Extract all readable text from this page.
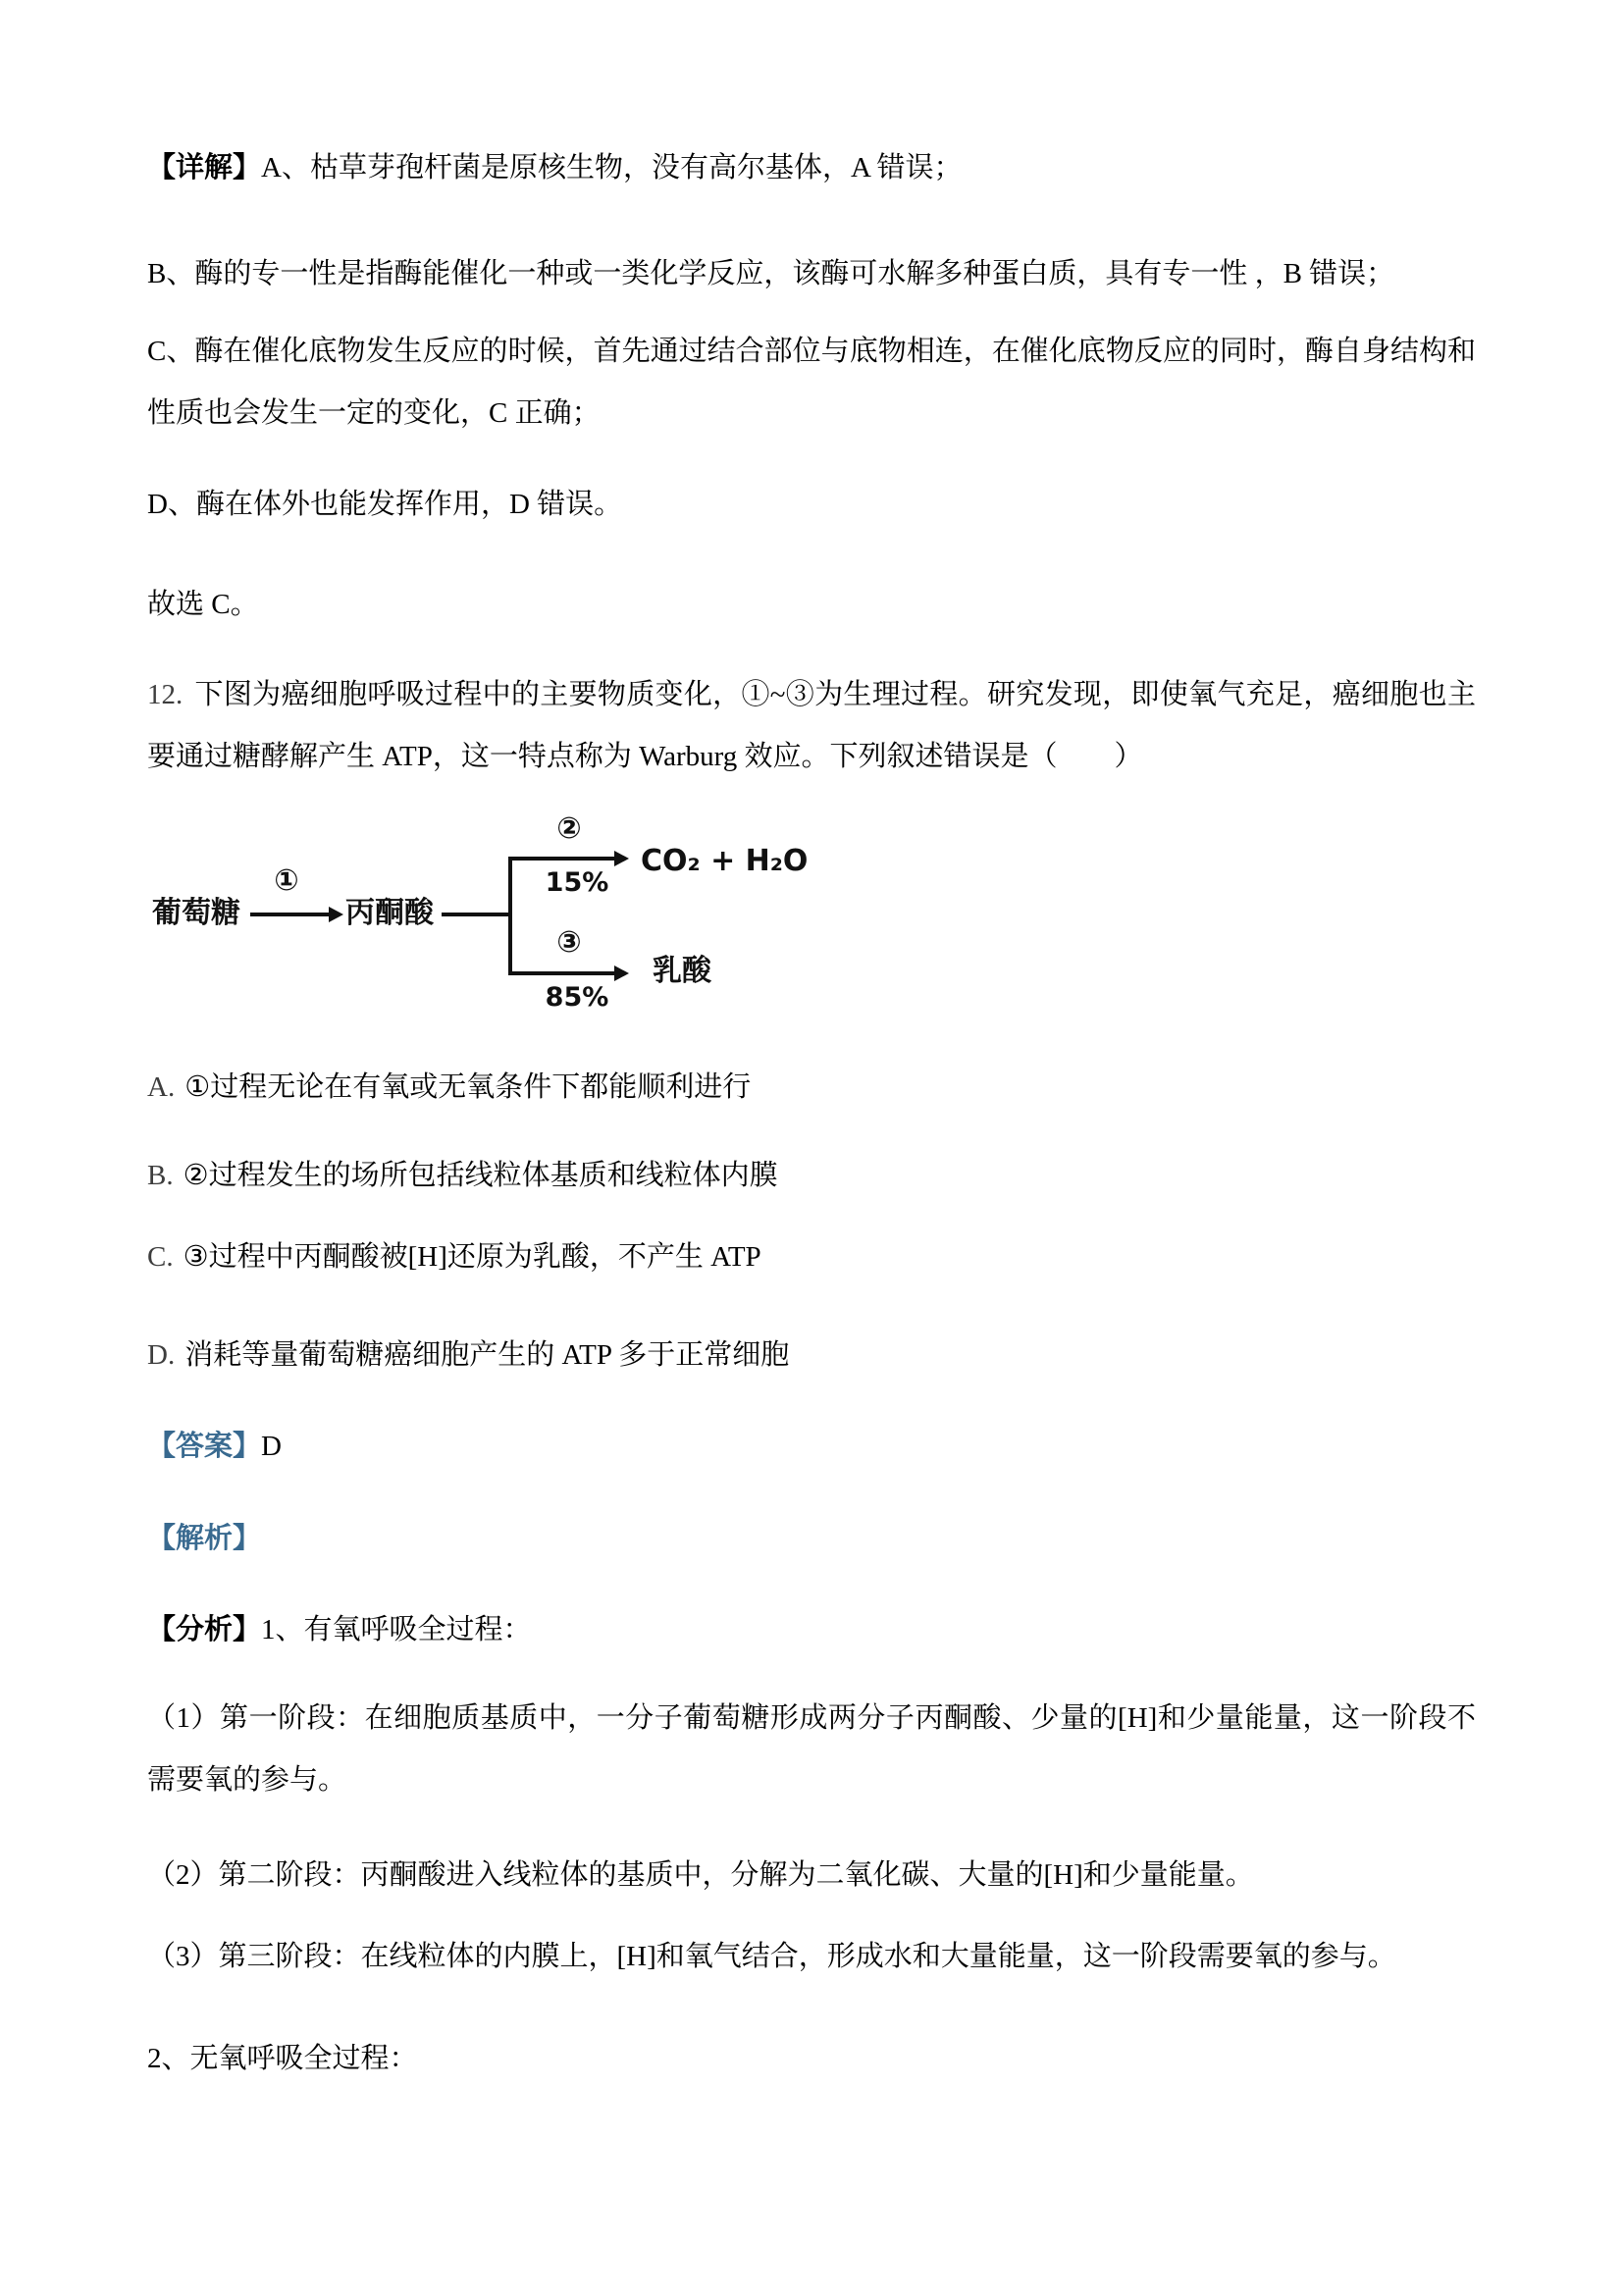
【详解】A、枯草芽孢杆菌是原核生物，没有高尔基体，A 错误；

B、酶的专一性是指酶能催化一种或一类化学反应，该酶可水解多种蛋白质，具有专一性 ，B 错误；

C、酶在催化底物发生反应的时候，首先通过结合部位与底物相连，在催化底物反应的同时，酶自身结构和性质也会发生一定的变化，C 正确；

D、酶在体外也能发挥作用，D 错误。

故选 C。

12. 下图为癌细胞呼吸过程中的主要物质变化，①~③为生理过程。研究发现，即使氧气充足，癌细胞也主要通过糖酵解产生 ATP，这一特点称为 Warburg 效应。下列叙述错误是（　　）

葡萄糖
①
丙酮酸
②
15%
CO₂ + H₂O
③
85%
乳酸

A. ①过程无论在有氧或无氧条件下都能顺利进行

B. ②过程发生的场所包括线粒体基质和线粒体内膜

C. ③过程中丙酮酸被[H]还原为乳酸，不产生 ATP

D. 消耗等量葡萄糖癌细胞产生的 ATP 多于正常细胞

【答案】D

【解析】

【分析】1、有氧呼吸全过程：

（1）第一阶段：在细胞质基质中，一分子葡萄糖形成两分子丙酮酸、少量的[H]和少量能量，这一阶段不需要氧的参与。

（2）第二阶段：丙酮酸进入线粒体的基质中，分解为二氧化碳、大量的[H]和少量能量。

（3）第三阶段：在线粒体的内膜上，[H]和氧气结合，形成水和大量能量，这一阶段需要氧的参与。

2、无氧呼吸全过程：
